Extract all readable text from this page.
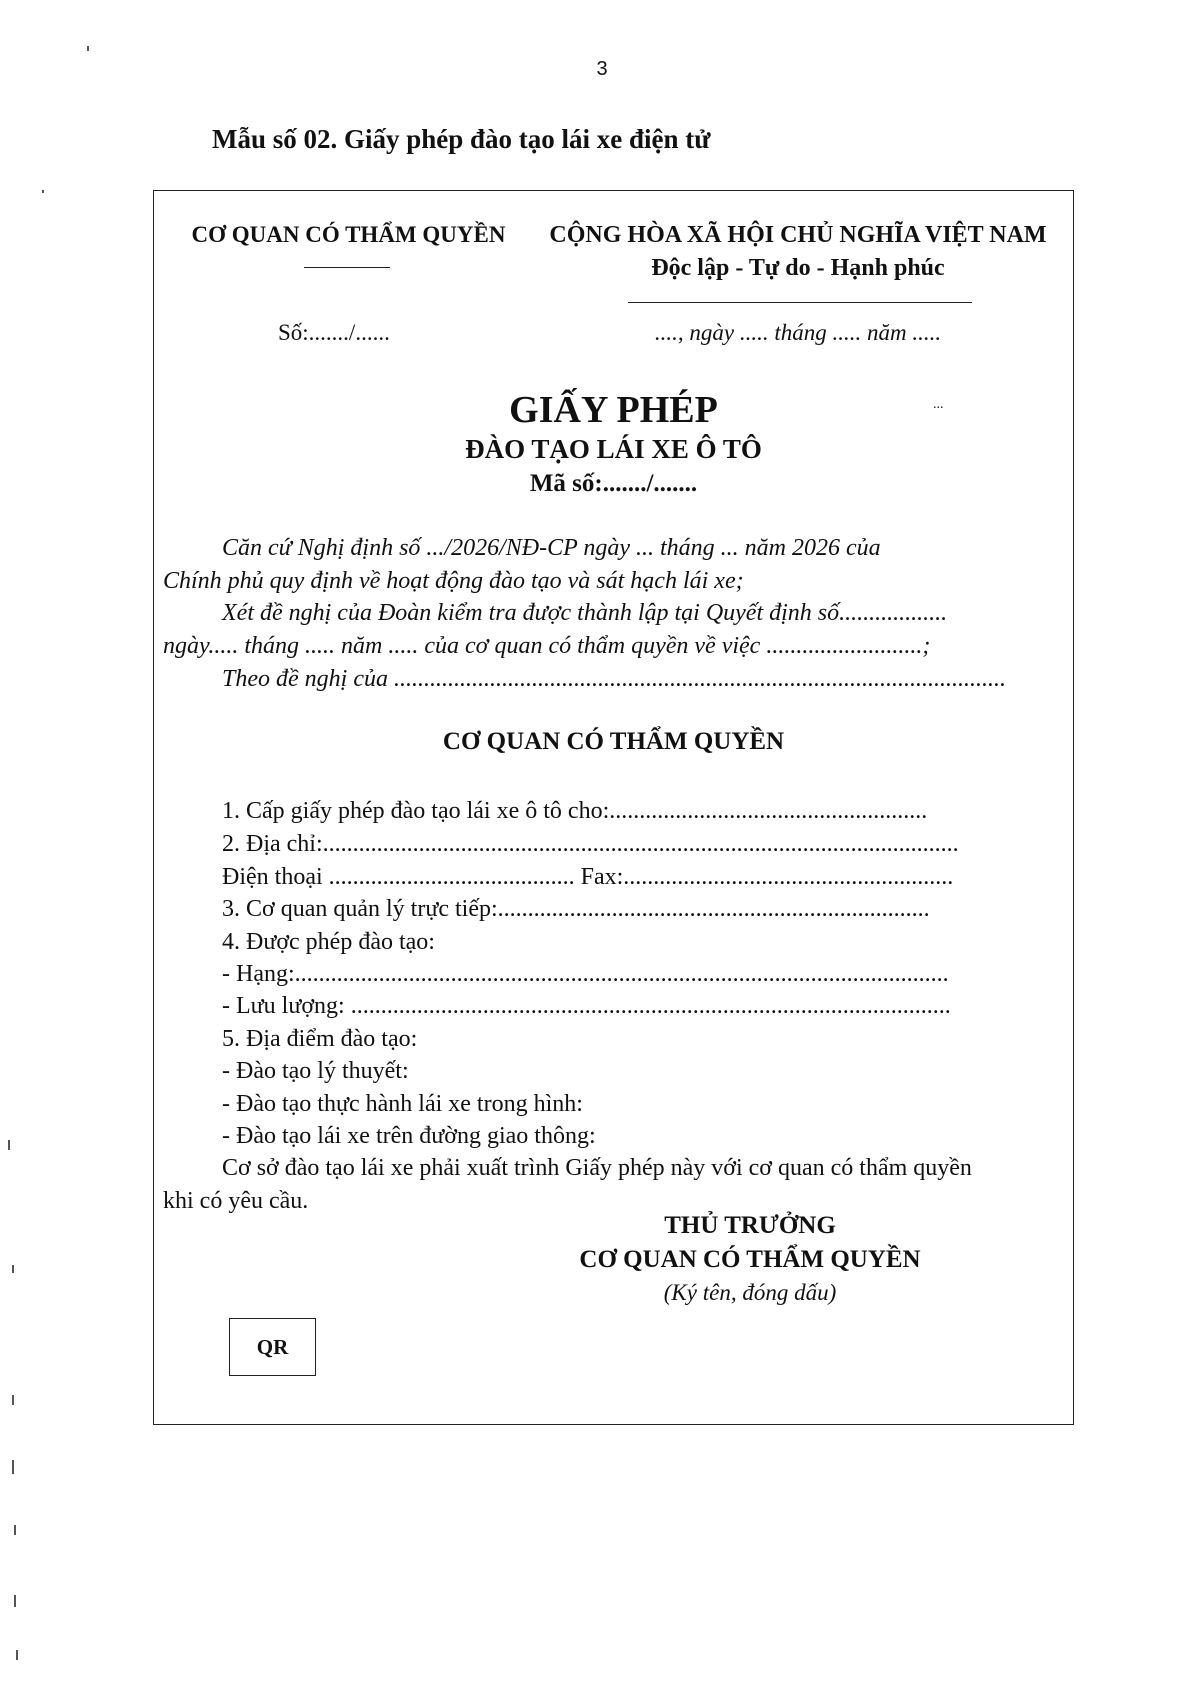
3
Mẫu số 02. Giấy phép đào tạo lái xe điện tử
CƠ QUAN CÓ THẨM QUYỀN	CỘNG HÒA XÃ HỘI CHỦ NGHĨA VIỆT NAM
Độc lập - Tự do - Hạnh phúc
Số:......./......	...., ngày ..... tháng ..... năm .....
GIẤY PHÉP	...
ĐÀO TẠO LÁI XE Ô TÔ
Mã số:......./.......
Căn cứ Nghị định số .../2026/NĐ-CP ngày ... tháng ... năm 2026 của
Chính phủ quy định về hoạt động đào tạo và sát hạch lái xe;
Xét đề nghị của Đoàn kiểm tra được thành lập tại Quyết định số..................
ngày..... tháng ..... năm ..... của cơ quan có thẩm quyền về việc ..........................;
Theo đề nghị của ......................................................................................................
CƠ QUAN CÓ THẨM QUYỀN
1. Cấp giấy phép đào tạo lái xe ô tô cho:.....................................................
2. Địa chỉ:..........................................................................................................
Điện thoại ......................................... Fax:.......................................................
3. Cơ quan quản lý trực tiếp:........................................................................
4. Được phép đào tạo:
- Hạng:.............................................................................................................
- Lưu lượng: ....................................................................................................
5. Địa điểm đào tạo:
- Đào tạo lý thuyết:
- Đào tạo thực hành lái xe trong hình:
- Đào tạo lái xe trên đường giao thông:
Cơ sở đào tạo lái xe phải xuất trình Giấy phép này với cơ quan có thẩm quyền
khi có yêu cầu.
THỦ TRƯỞNG
CƠ QUAN CÓ THẨM QUYỀN
(Ký tên, đóng dấu)
QR
